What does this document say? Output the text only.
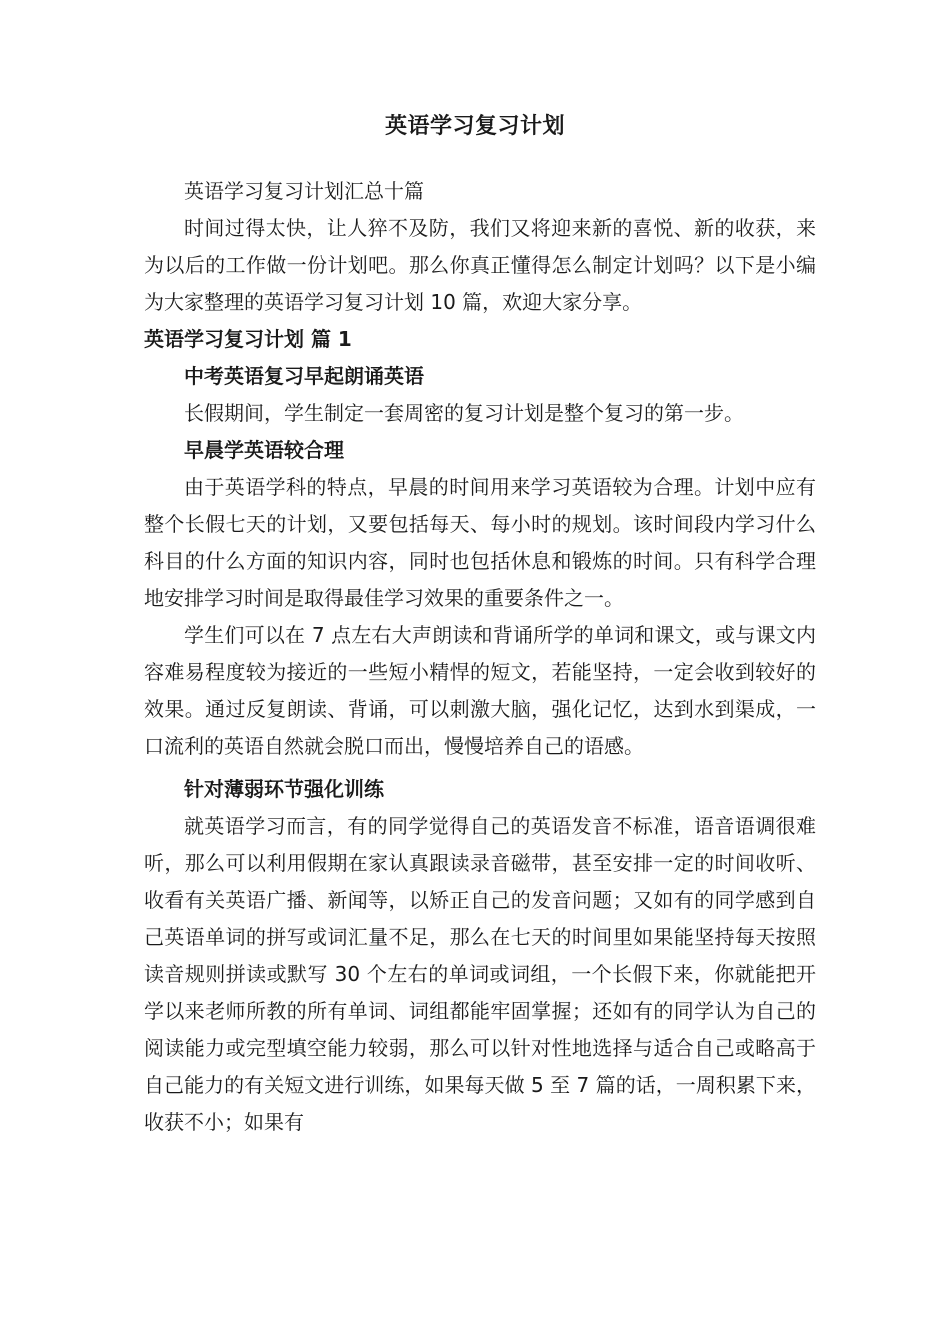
英语学习复习计划

英语学习复习计划汇总十篇

时间过得太快，让人猝不及防，我们又将迎来新的喜悦、新的收获，来为以后的工作做一份计划吧。那么你真正懂得怎么制定计划吗？以下是小编为大家整理的英语学习复习计划 10 篇，欢迎大家分享。

英语学习复习计划 篇 1

中考英语复习早起朗诵英语

长假期间，学生制定一套周密的复习计划是整个复习的第一步。

早晨学英语较合理

由于英语学科的特点，早晨的时间用来学习英语较为合理。计划中应有整个长假七天的计划，又要包括每天、每小时的规划。该时间段内学习什么科目的什么方面的知识内容，同时也包括休息和锻炼的时间。只有科学合理地安排学习时间是取得最佳学习效果的重要条件之一。

学生们可以在 7 点左右大声朗读和背诵所学的单词和课文，或与课文内容难易程度较为接近的一些短小精悍的短文，若能坚持，一定会收到较好的效果。通过反复朗读、背诵，可以刺激大脑，强化记忆，达到水到渠成，一口流利的英语自然就会脱口而出，慢慢培养自己的语感。

针对薄弱环节强化训练

就英语学习而言，有的同学觉得自己的英语发音不标准，语音语调很难听，那么可以利用假期在家认真跟读录音磁带，甚至安排一定的时间收听、收看有关英语广播、新闻等，以矫正自己的发音问题；又如有的同学感到自己英语单词的拼写或词汇量不足，那么在七天的时间里如果能坚持每天按照读音规则拼读或默写 30 个左右的单词或词组，一个长假下来，你就能把开学以来老师所教的所有单词、词组都能牢固掌握；还如有的同学认为自己的阅读能力或完型填空能力较弱，那么可以针对性地选择与适合自己或略高于自己能力的有关短文进行训练，如果每天做 5 至 7 篇的话，一周积累下来，收获不小；如果有
